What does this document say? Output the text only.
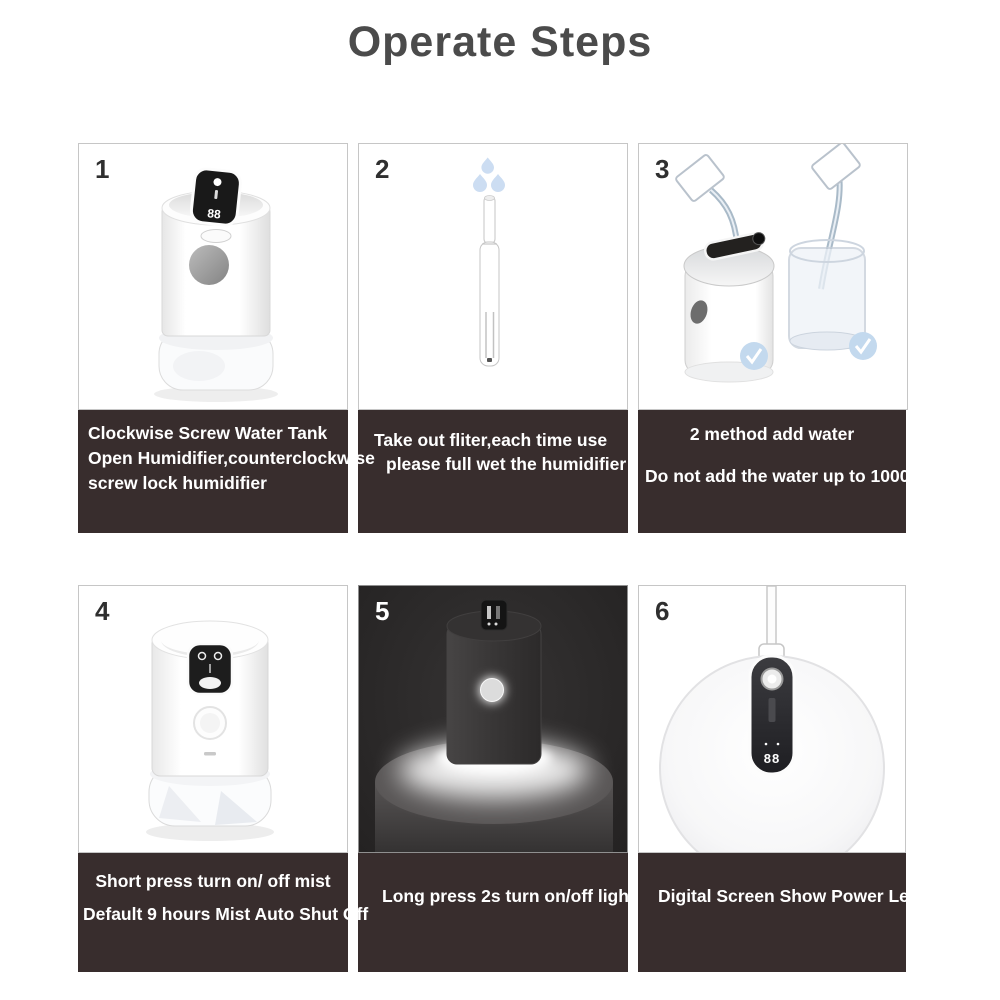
Operate Steps
1
88
2	3
Clockwise Screw Water Tank
Open Humidifier,counterclockwise
screw lock humidifier
Take out fliter,each time use
please full wet the humidifier
2 method add water
Do not add the water up to 1000
4	5	6
88
Short press turn on/ off mist
Default 9 hours Mist Auto Shut Off
Long press 2s turn on/off light Digital Screen Show Power Level
